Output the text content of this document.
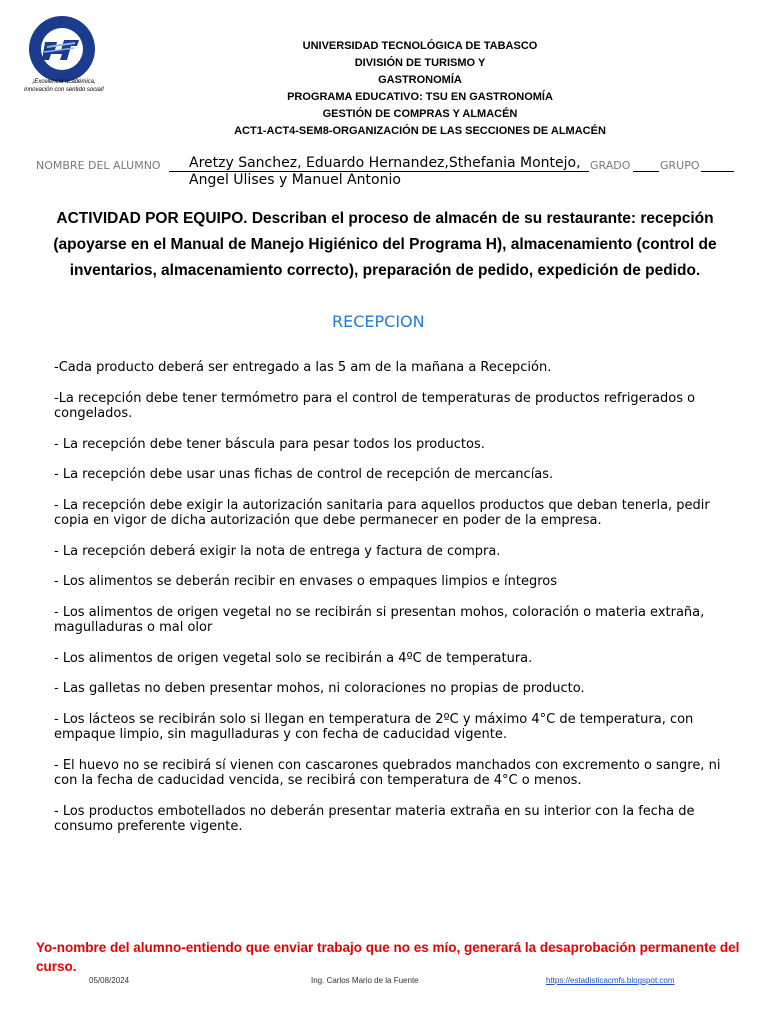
¡Excelencia académica, innovación con sentido social!
UNIVERSIDAD TECNOLÓGICA DE TABASCO
DIVISIÓN DE TURISMO Y
GASTRONOMÍA
PROGRAMA EDUCATIVO: TSU EN GASTRONOMÍA
GESTIÓN DE COMPRAS Y ALMACÉN
ACT1-ACT4-SEM8-ORGANIZACIÓN DE LAS SECCIONES DE ALMACÉN
NOMBRE DEL ALUMNO Aretzy Sanchez, Eduardo Hernandez,Sthefania Montejo, Angel Ulises y Manuel Antonio
GRADO	GRUPO
ACTIVIDAD POR EQUIPO. Describan el proceso de almacén de su restaurante: recepción (apoyarse en el Manual de Manejo Higiénico del Programa H), almacenamiento (control de inventarios, almacenamiento correcto), preparación de pedido, expedición de pedido.
RECEPCION

-Cada producto deberá ser entregado a las 5 am de la mañana a Recepción.

-La recepción debe tener termómetro para el control de temperaturas de productos refrigerados o congelados.

- La recepción debe tener báscula para pesar todos los productos.

- La recepción debe usar unas fichas de control de recepción de mercancías.

- La recepción debe exigir la autorización sanitaria para aquellos productos que deban tenerla, pedir copia en vigor de dicha autorización que debe permanecer en poder de la empresa.

- La recepción deberá exigir la nota de entrega y factura de compra.

- Los alimentos se deberán recibir en envases o empaques limpios e íntegros

- Los alimentos de origen vegetal no se recibirán si presentan mohos, coloración o materia extraña, magulladuras o mal olor

- Los alimentos de origen vegetal solo se recibirán a 4ºC de temperatura.

- Las galletas no deben presentar mohos, ni coloraciones no propias de producto.

- Los lácteos se recibirán solo si llegan en temperatura de 2ºC y máximo 4°C de temperatura, con empaque limpio, sin magulladuras y con fecha de caducidad vigente.

- El huevo no se recibirá sí vienen con cascarones quebrados manchados con excremento o sangre, ni con la fecha de caducidad vencida, se recibirá con temperatura de 4°C o menos.

- Los productos embotellados no deberán presentar materia extraña en su interior con la fecha de consumo preferente vigente.

Yo-nombre del alumno-entiendo que enviar trabajo que no es mío, generará la desaprobación permanente del curso.
05/08/2024	Ing. Carlos Mario de la Fuente	https://estadisticacmfs.blogspot.com
